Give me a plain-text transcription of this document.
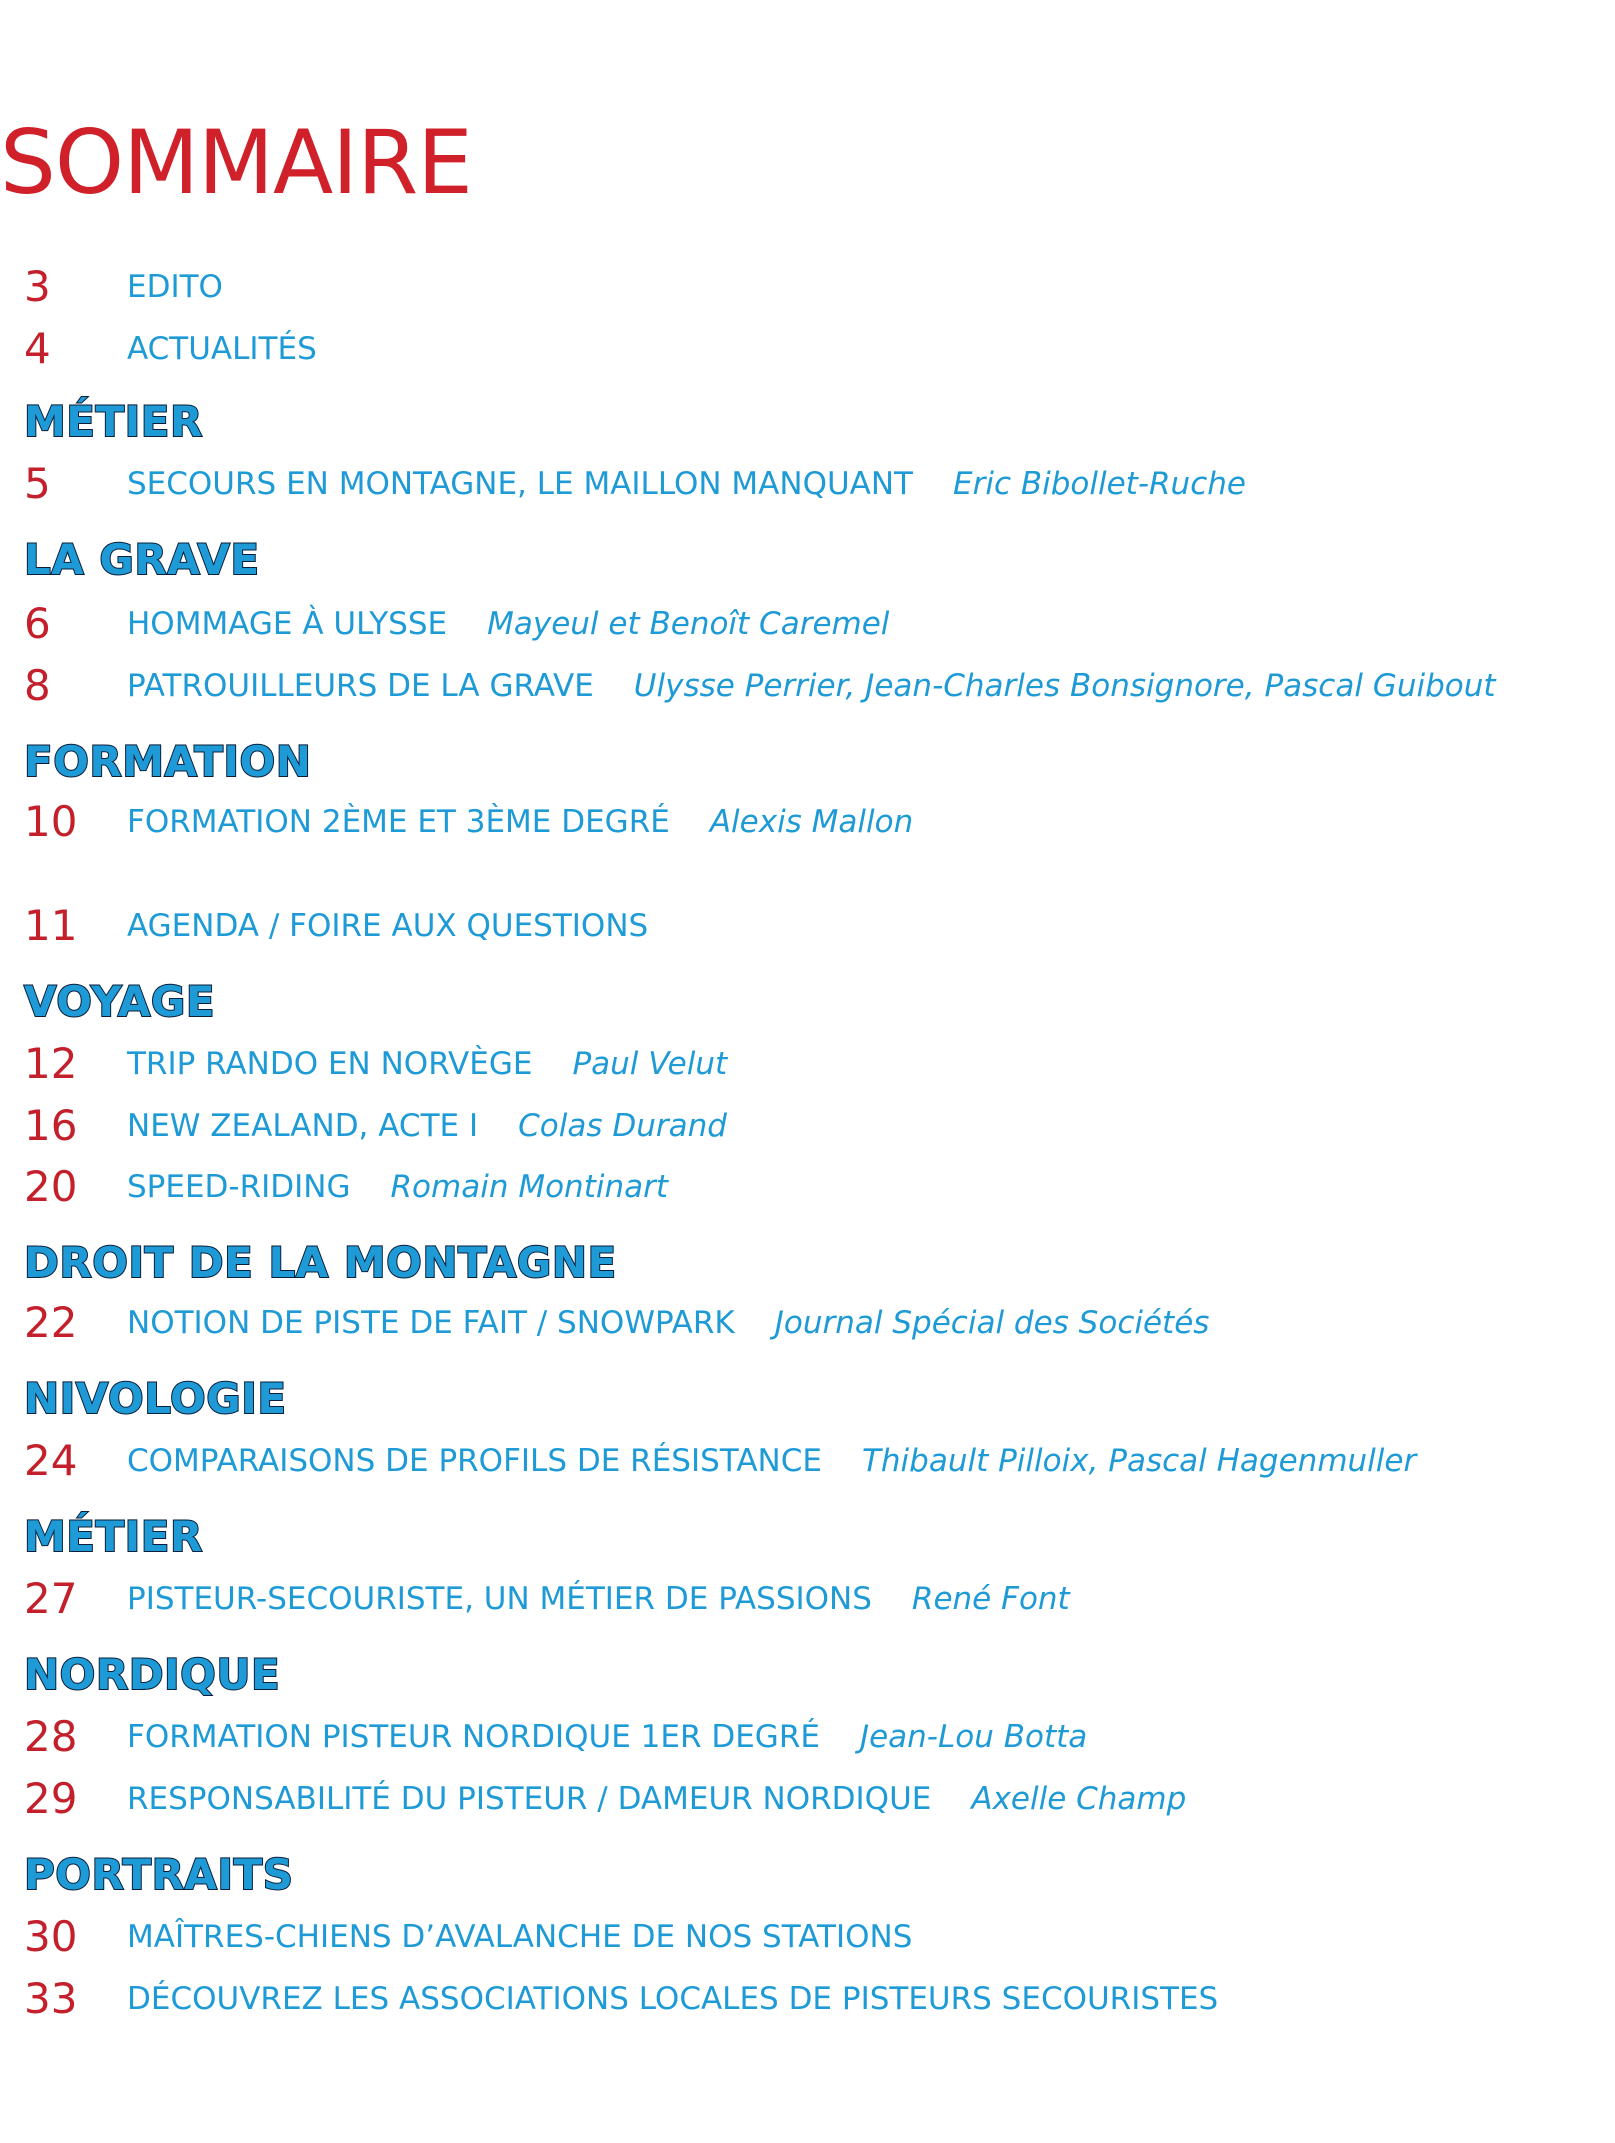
SOMMAIRE
3 EDITO
4 ACTUALITÉS
MÉTIER
5 SECOURS EN MONTAGNE, LE MAILLON MANQUANT Eric Bibollet-Ruche
LA GRAVE
6 HOMMAGE À ULYSSE Mayeul et Benoît Caremel
8 PATROUILLEURS DE LA GRAVE Ulysse Perrier, Jean-Charles Bonsignore, Pascal Guibout
FORMATION
10 FORMATION 2ÈME ET 3ÈME DEGRÉ Alexis Mallon
11 AGENDA / FOIRE AUX QUESTIONS
VOYAGE
12 TRIP RANDO EN NORVÈGE Paul Velut
16 NEW ZEALAND, ACTE I Colas Durand
20 SPEED-RIDING Romain Montinart
DROIT DE LA MONTAGNE
22 NOTION DE PISTE DE FAIT / SNOWPARK Journal Spécial des Sociétés
NIVOLOGIE
24 COMPARAISONS DE PROFILS DE RÉSISTANCE Thibault Pilloix, Pascal Hagenmuller
MÉTIER
27 PISTEUR-SECOURISTE, UN MÉTIER DE PASSIONS René Font
NORDIQUE
28 FORMATION PISTEUR NORDIQUE 1ER DEGRÉ Jean-Lou Botta
29 RESPONSABILITÉ DU PISTEUR / DAMEUR NORDIQUE Axelle Champ
PORTRAITS
30 MAÎTRES-CHIENS D’AVALANCHE DE NOS STATIONS
33 DÉCOUVREZ LES ASSOCIATIONS LOCALES DE PISTEURS SECOURISTES
